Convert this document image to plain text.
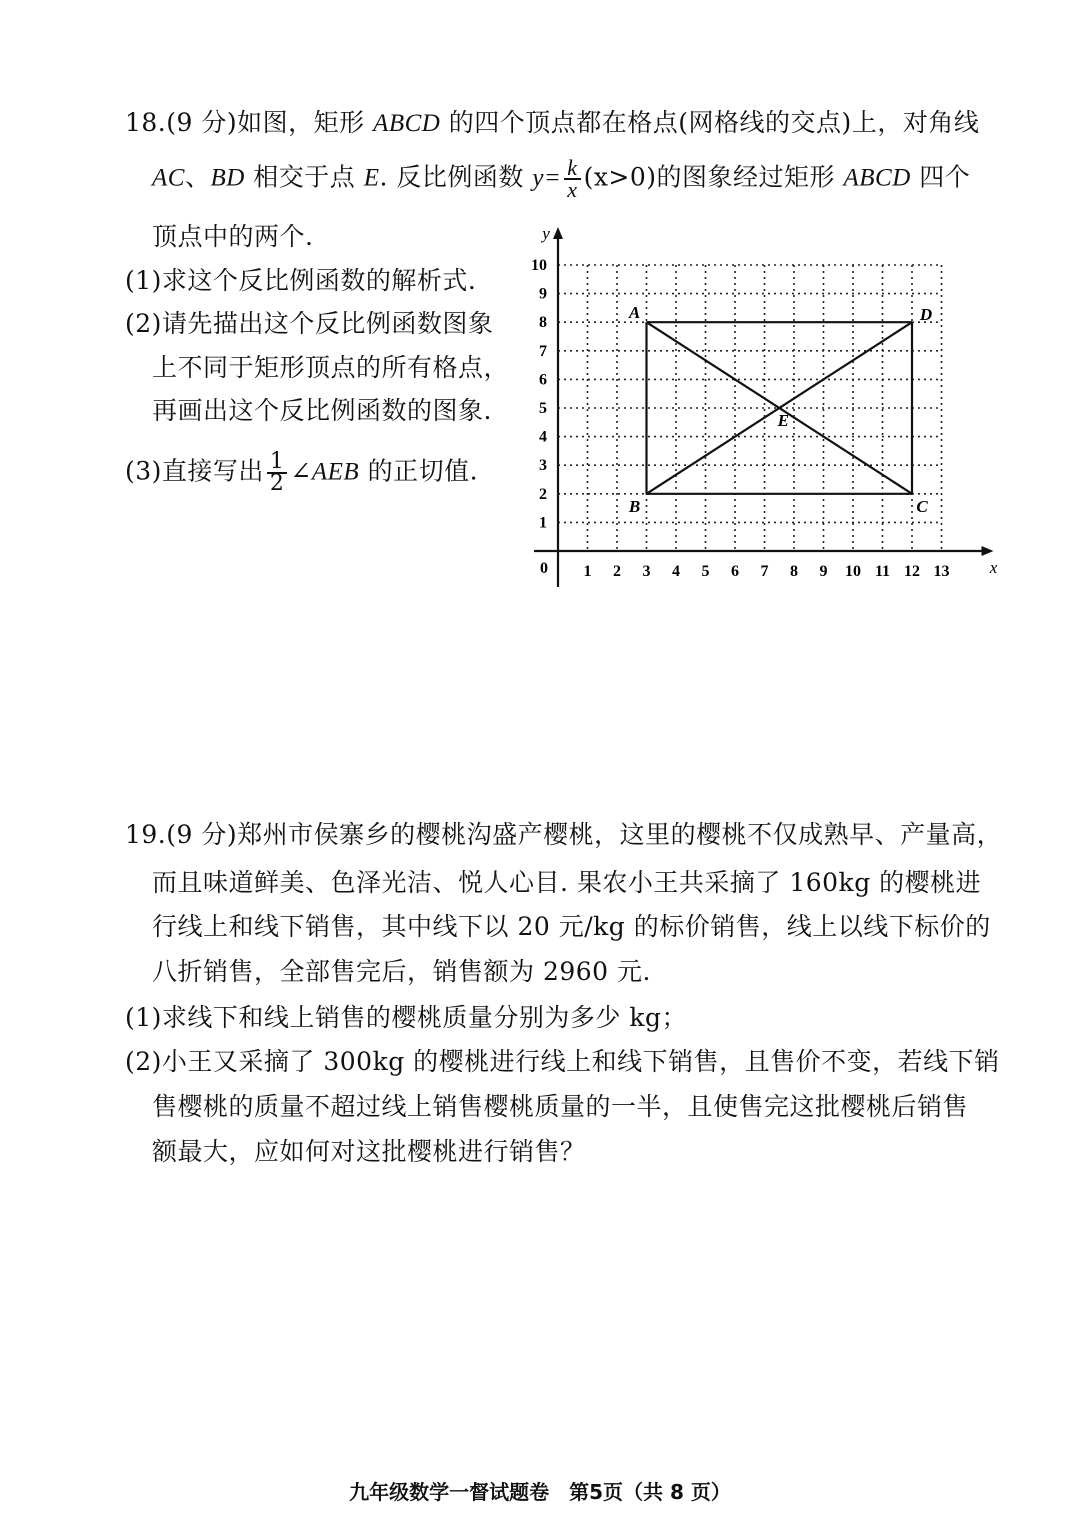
18.(9 分)如图，矩形 ABCD 的四个顶点都在格点(网格线的交点)上，对角线
AC、BD 相交于点 E. 反比例函数 $y= \frac{k}{x} (x>0)$的图象经过矩形 ABCD 四个
顶点中的两个.
(1)求这个反比例函数的解析式.
(2)请先描出这个反比例函数图象
上不同于矩形顶点的所有格点，
再画出这个反比例函数的图象.
(3)直接写出 $\frac{1}{2}$ ∠AEB 的正切值.
x
y
0 1 2 3 4 5 6 7 8 9 10 11 12 13
1
2
3
4
5
6
7
8
9
10
A
B	C
D
E
19.(9 分)郑州市侯寨乡的樱桃沟盛产樱桃，这里的樱桃不仅成熟早、产量高，
而且味道鲜美、色泽光洁、悦人心目. 果农小王共采摘了 160kg 的樱桃进
行线上和线下销售，其中线下以 20 元/kg 的标价销售，线上以线下标价的
八折销售，全部售完后，销售额为 2960 元.
(1)求线下和线上销售的樱桃质量分别为多少 kg；
(2)小王又采摘了 300kg 的樱桃进行线上和线下销售，且售价不变，若线下销
售樱桃的质量不超过线上销售樱桃质量的一半，且使售完这批樱桃后销售
额最大，应如何对这批樱桃进行销售？
九年级数学一督试题卷　第5页（共 8 页）
